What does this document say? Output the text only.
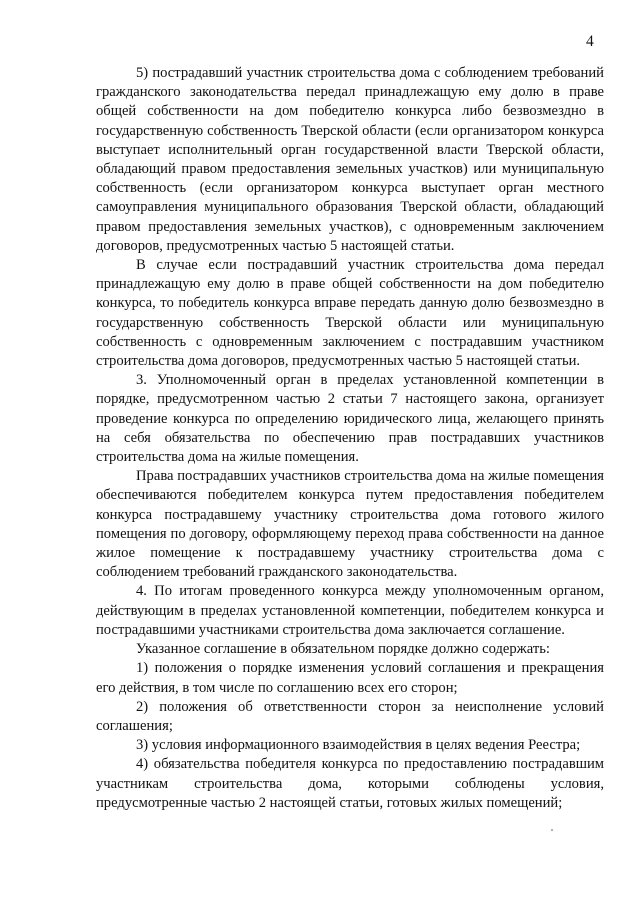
4

5) пострадавший участник строительства дома с соблюдением требований гражданского законодательства передал принадлежащую ему долю в праве общей собственности на дом победителю конкурса либо безвозмездно в государственную собственность Тверской области (если организатором конкурса выступает исполнительный орган государственной власти Тверской области, обладающий правом предоставления земельных участков) или муниципальную собственность (если организатором конкурса выступает орган местного самоуправления муниципального образования Тверской области, обладающий правом предоставления земельных участков), с одновременным заключением договоров, предусмотренных частью 5 настоящей статьи.

В случае если пострадавший участник строительства дома передал принадлежащую ему долю в праве общей собственности на дом победителю конкурса, то победитель конкурса вправе передать данную долю безвозмездно в государственную собственность Тверской области или муниципальную собственность с одновременным заключением с пострадавшим участником строительства дома договоров, предусмотренных частью 5 настоящей статьи.

3. Уполномоченный орган в пределах установленной компетенции в порядке, предусмотренном частью 2 статьи 7 настоящего закона, организует проведение конкурса по определению юридического лица, желающего принять на себя обязательства по обеспечению прав пострадавших участников строительства дома на жилые помещения.

Права пострадавших участников строительства дома на жилые помещения обеспечиваются победителем конкурса путем предоставления победителем конкурса пострадавшему участнику строительства дома готового жилого помещения по договору, оформляющему переход права собственности на данное жилое помещение к пострадавшему участнику строительства дома с соблюдением требований гражданского законодательства.

4. По итогам проведенного конкурса между уполномоченным органом, действующим в пределах установленной компетенции, победителем конкурса и пострадавшими участниками строительства дома заключается соглашение.

Указанное соглашение в обязательном порядке должно содержать:

1) положения о порядке изменения условий соглашения и прекращения его действия, в том числе по соглашению всех его сторон;

2) положения об ответственности сторон за неисполнение условий соглашения;

3) условия информационного взаимодействия в целях ведения Реестра;

4) обязательства победителя конкурса по предоставлению пострадавшим участникам строительства дома, которыми соблюдены условия, предусмотренные частью 2 настоящей статьи, готовых жилых помещений;
